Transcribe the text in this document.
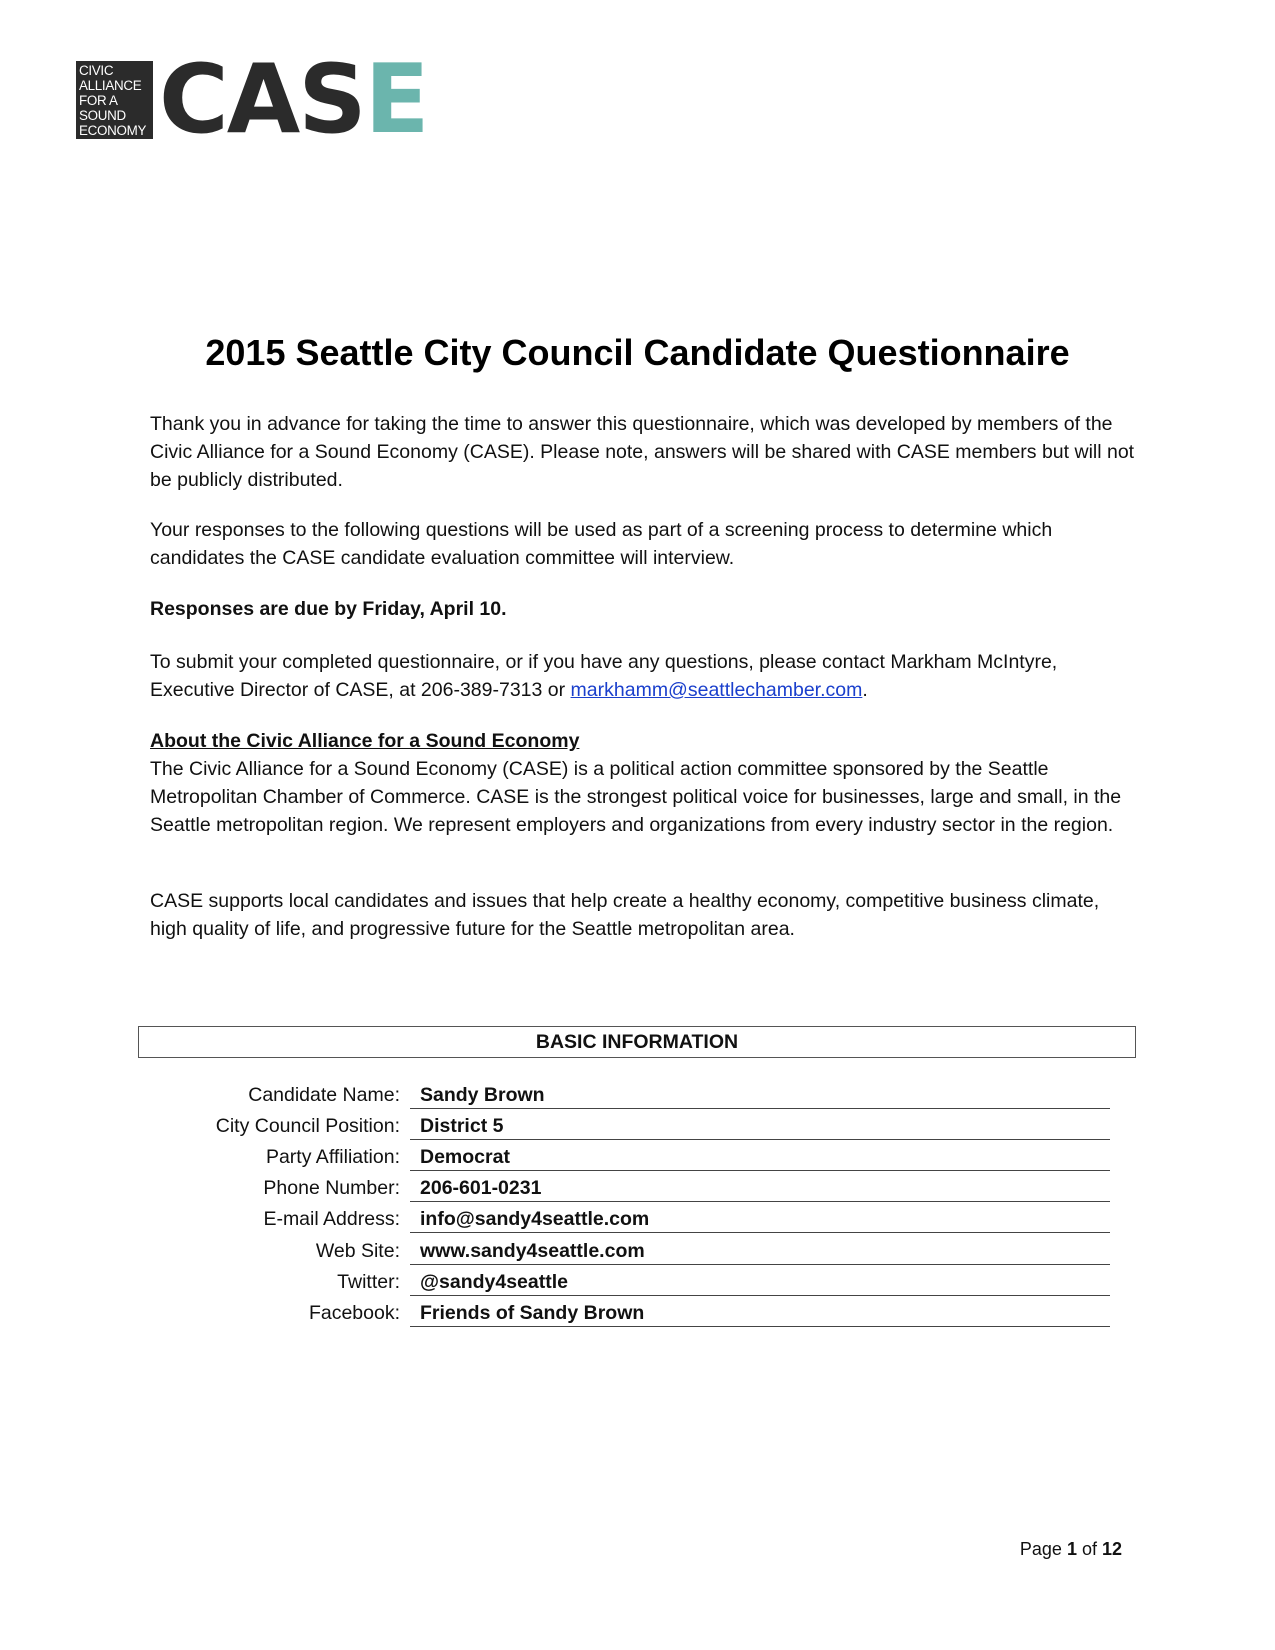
CIVIC
ALLIANCE
FOR A
SOUND
ECONOMY CASE
2015 Seattle City Council Candidate Questionnaire

Thank you in advance for taking the time to answer this questionnaire, which was developed by members of the Civic Alliance for a Sound Economy (CASE). Please note, answers will be shared with CASE members but will not be publicly distributed.

Your responses to the following questions will be used as part of a screening process to determine which candidates the CASE candidate evaluation committee will interview.

Responses are due by Friday, April 10.

To submit your completed questionnaire, or if you have any questions, please contact Markham McIntyre, Executive Director of CASE, at 206-389-7313 or markhamm@seattlechamber.com.

About the Civic Alliance for a Sound Economy

The Civic Alliance for a Sound Economy (CASE) is a political action committee sponsored by the Seattle Metropolitan Chamber of Commerce. CASE is the strongest political voice for businesses, large and small, in the Seattle metropolitan region. We represent employers and organizations from every industry sector in the region.

CASE supports local candidates and issues that help create a healthy economy, competitive business climate, high quality of life, and progressive future for the Seattle metropolitan area.

BASIC INFORMATION
Candidate Name:	Sandy Brown
City Council Position:	District 5
Party Affiliation:	Democrat
Phone Number:	206-601-0231
E-mail Address:	info@sandy4seattle.com
Web Site:	www.sandy4seattle.com
Twitter:	@sandy4seattle
Facebook:	Friends of Sandy Brown
Page 1 of 12
